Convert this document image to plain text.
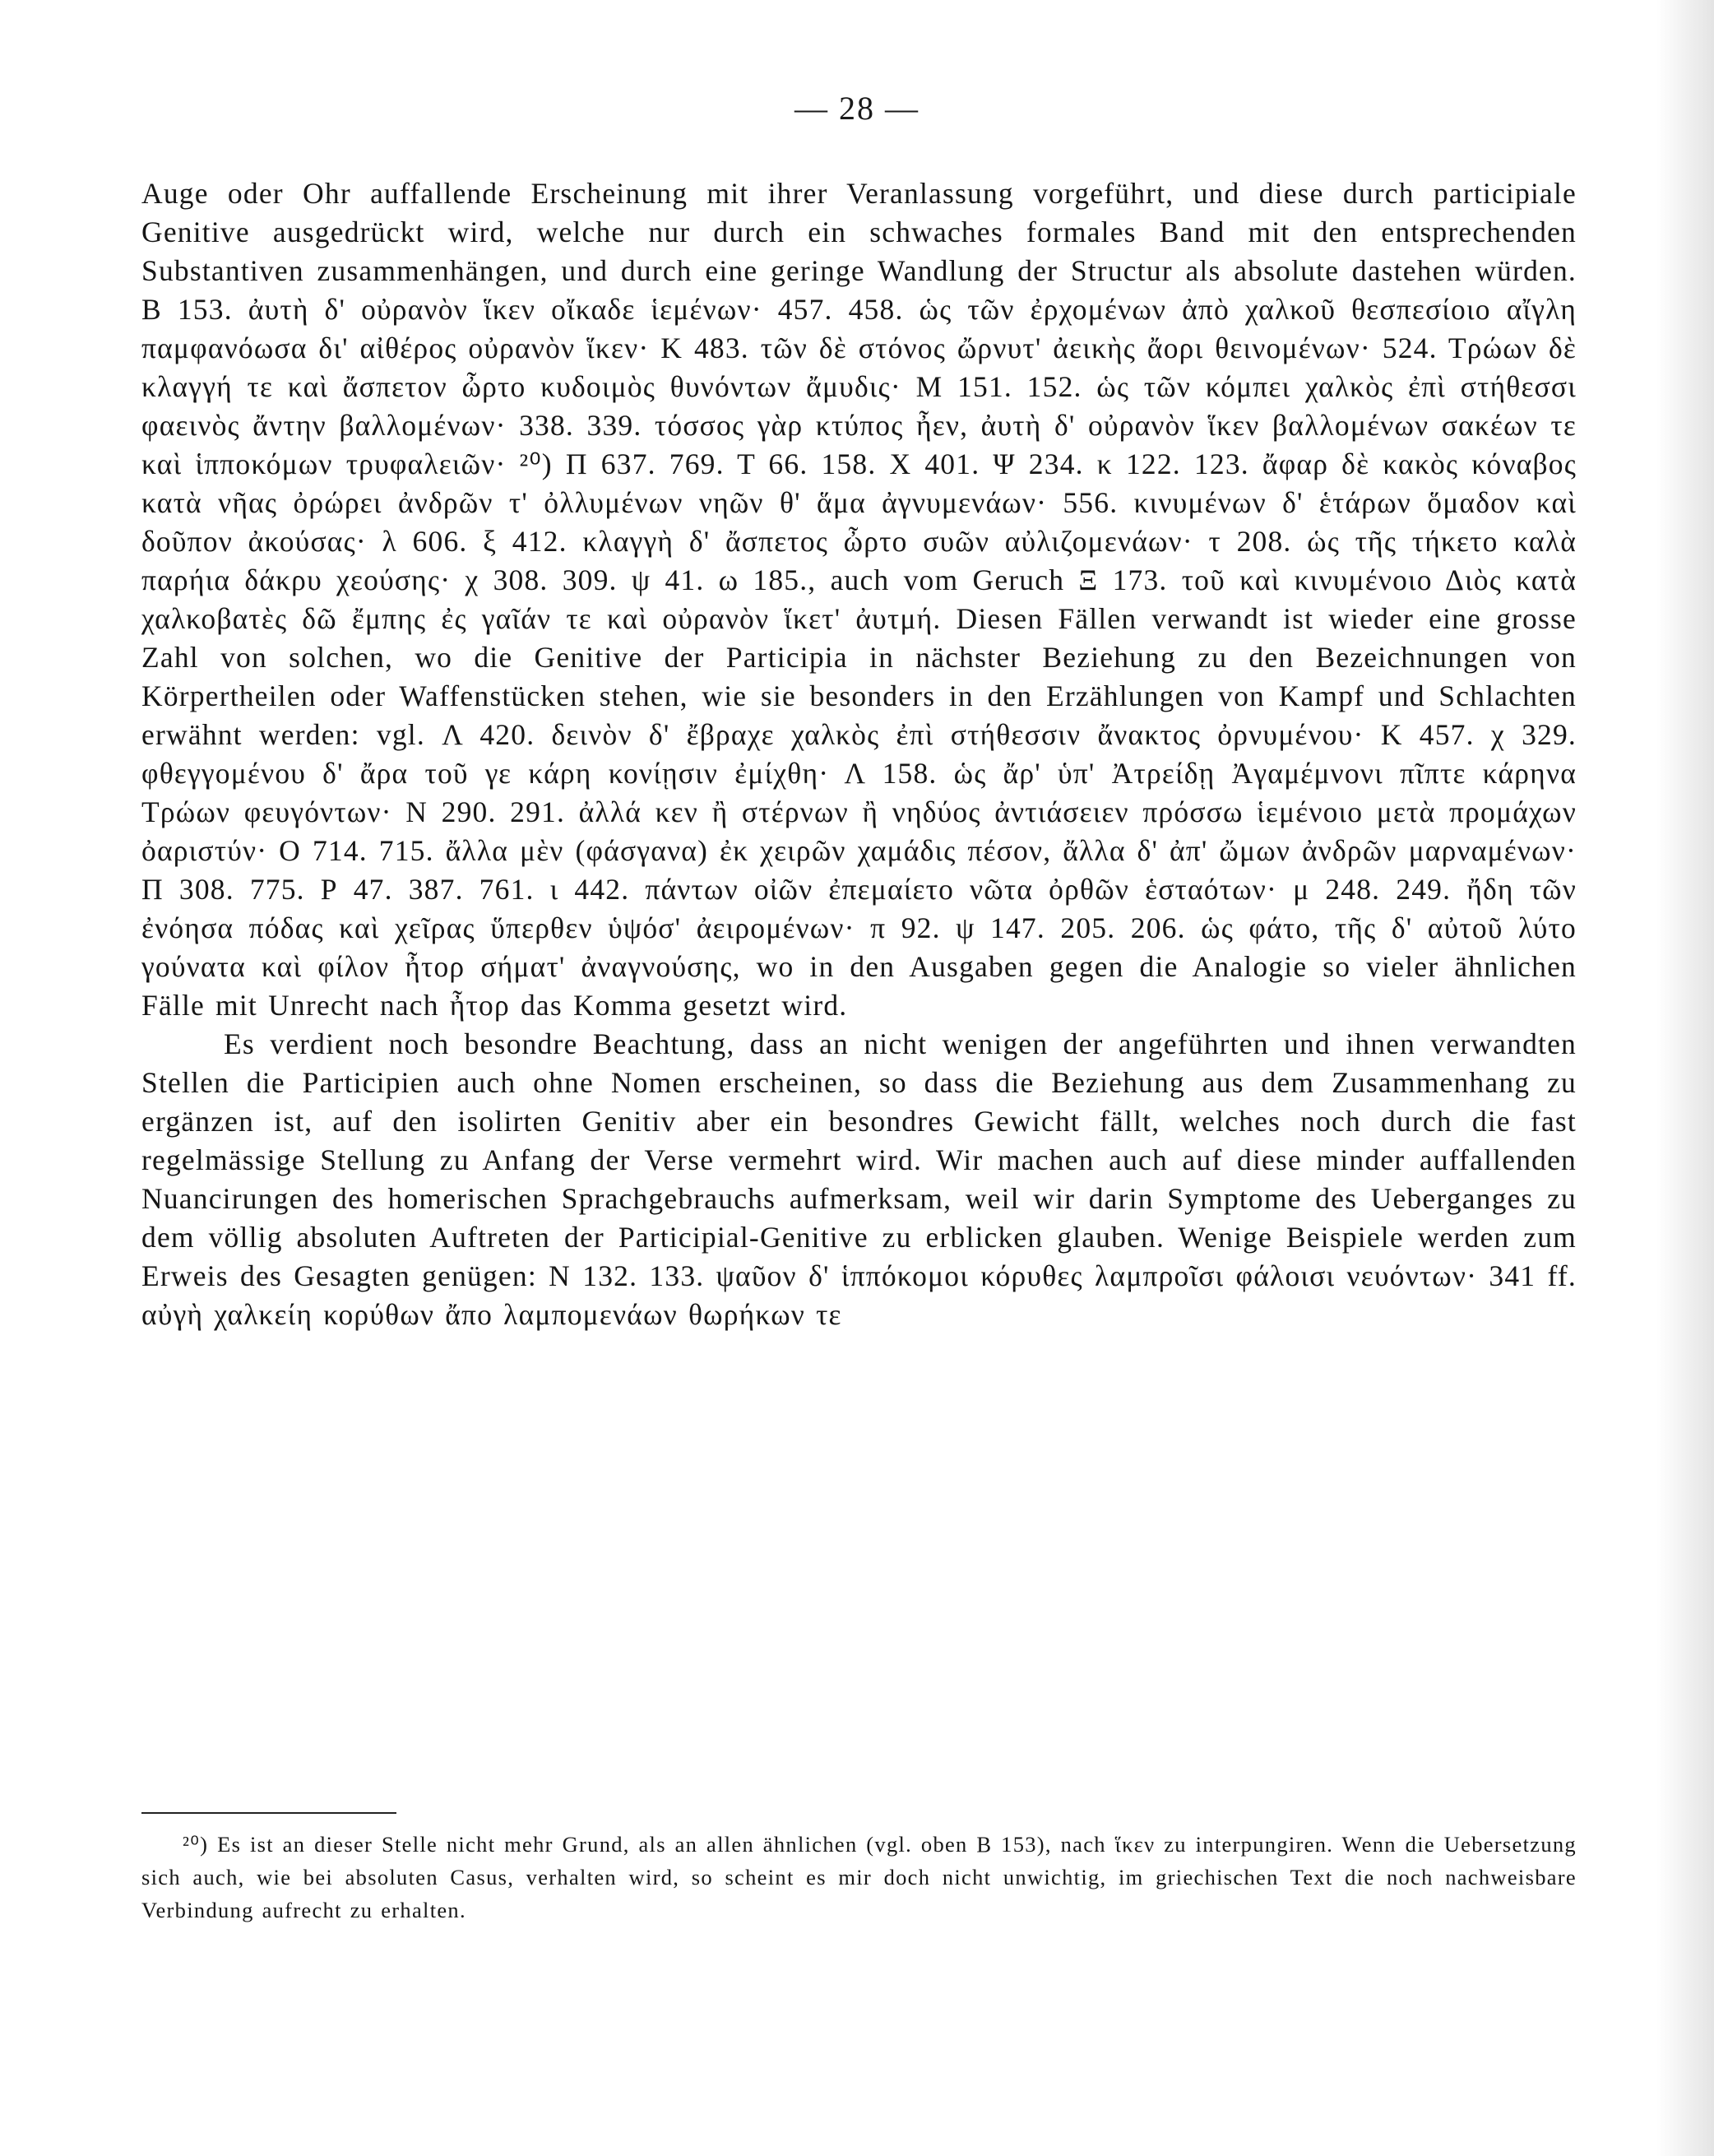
— 28 —

Auge oder Ohr auffallende Erscheinung mit ihrer Veranlassung vorgeführt, und diese durch participiale Genitive ausgedrückt wird, welche nur durch ein schwaches formales Band mit den entsprechenden Substantiven zusammenhängen, und durch eine geringe Wandlung der Structur als absolute dastehen würden. Β 153. ἀυτὴ δ' οὐρανὸν ἵκεν οἴκαδε ἱεμένων· 457. 458. ὡς τῶν ἐρχομένων ἀπὸ χαλκοῦ θεσπεσίοιο αἴγλη παμφανόωσα δι' αἰθέρος οὐρανὸν ἵκεν· Κ 483. τῶν δὲ στόνος ὤρνυτ' ἀεικὴς ἄορι θεινομένων· 524. Τρώων δὲ κλαγγή τε καὶ ἄσπετον ὦρτο κυδοιμὸς θυνόντων ἄμυδις· Μ 151. 152. ὡς τῶν κόμπει χαλκὸς ἐπὶ στήθεσσι φαεινὸς ἄντην βαλλομένων· 338. 339. τόσσος γὰρ κτύπος ἦεν, ἀυτὴ δ' οὐρανὸν ἵκεν βαλλομένων σακέων τε καὶ ἱπποκόμων τρυφαλειῶν· ²⁰) Π 637. 769. Τ 66. 158. Χ 401. Ψ 234. κ 122. 123. ἄφαρ δὲ κακὸς κόναβος κατὰ νῆας ὀρώρει ἀνδρῶν τ' ὀλλυμένων νηῶν θ' ἅμα ἀγνυμενάων· 556. κινυμένων δ' ἑτάρων ὅμαδον καὶ δοῦπον ἀκούσας· λ 606. ξ 412. κλαγγὴ δ' ἄσπετος ὦρτο συῶν αὐλιζομενάων· τ 208. ὡς τῆς τήκετο καλὰ παρήια δάκρυ χεούσης· χ 308. 309. ψ 41. ω 185., auch vom Geruch Ξ 173. τοῦ καὶ κινυμένοιο Διὸς κατὰ χαλκοβατὲς δῶ ἔμπης ἐς γαῖάν τε καὶ οὐρανὸν ἵκετ' ἀυτμή. Diesen Fällen verwandt ist wieder eine grosse Zahl von solchen, wo die Genitive der Participia in nächster Beziehung zu den Bezeichnungen von Körpertheilen oder Waffenstücken stehen, wie sie besonders in den Erzählungen von Kampf und Schlachten erwähnt werden: vgl. Λ 420. δεινὸν δ' ἔβραχε χαλκὸς ἐπὶ στήθεσσιν ἄνακτος ὀρνυμένου· Κ 457. χ 329. φθεγγομένου δ' ἄρα τοῦ γε κάρη κονίῃσιν ἐμίχθη· Λ 158. ὡς ἄρ' ὑπ' Ἀτρείδῃ Ἀγαμέμνονι πῖπτε κάρηνα Τρώων φευγόντων· Ν 290. 291. ἀλλά κεν ἢ στέρνων ἢ νηδύος ἀντιάσειεν πρόσσω ἱεμένοιο μετὰ προμάχων ὀαριστύν· Ο 714. 715. ἄλλα μὲν (φάσγανα) ἐκ χειρῶν χαμάδις πέσον, ἄλλα δ' ἀπ' ὤμων ἀνδρῶν μαρναμένων· Π 308. 775. Ρ 47. 387. 761. ι 442. πάντων οἰῶν ἐπεμαίετο νῶτα ὀρθῶν ἑσταότων· μ 248. 249. ἤδη τῶν ἐνόησα πόδας καὶ χεῖρας ὕπερθεν ὑψόσ' ἀειρομένων· π 92. ψ 147. 205. 206. ὡς φάτο, τῆς δ' αὐτοῦ λύτο γούνατα καὶ φίλον ἦτορ σήματ' ἀναγνούσης, wo in den Ausgaben gegen die Analogie so vieler ähnlichen Fälle mit Unrecht nach ἦτορ das Komma gesetzt wird.

Es verdient noch besondre Beachtung, dass an nicht wenigen der angeführten und ihnen verwandten Stellen die Participien auch ohne Nomen erscheinen, so dass die Beziehung aus dem Zusammenhang zu ergänzen ist, auf den isolirten Genitiv aber ein besondres Gewicht fällt, welches noch durch die fast regelmässige Stellung zu Anfang der Verse vermehrt wird. Wir machen auch auf diese minder auffallenden Nuancirungen des homerischen Sprachgebrauchs aufmerksam, weil wir darin Symptome des Ueberganges zu dem völlig absoluten Auftreten der Participial-Genitive zu erblicken glauben. Wenige Beispiele werden zum Erweis des Gesagten genügen: Ν 132. 133. ψαῦον δ' ἱππόκομοι κόρυθες λαμπροῖσι φάλοισι νευόντων· 341 ff. αὐγὴ χαλκείη κορύθων ἄπο λαμπομενάων θωρήκων τε

²⁰) Es ist an dieser Stelle nicht mehr Grund, als an allen ähnlichen (vgl. oben Β 153), nach ἵκεν zu interpungiren. Wenn die Uebersetzung sich auch, wie bei absoluten Casus, verhalten wird, so scheint es mir doch nicht unwichtig, im griechischen Text die noch nachweisbare Verbindung aufrecht zu erhalten.
